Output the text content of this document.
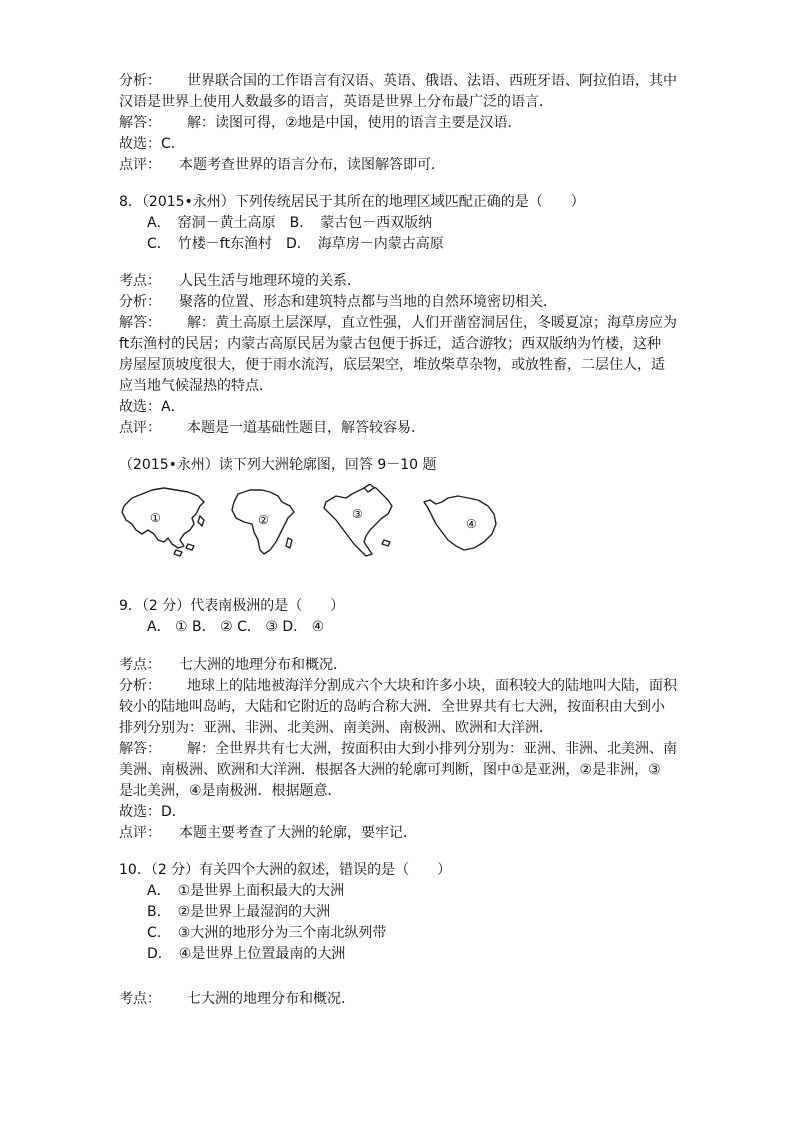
分析： 世界联合国的工作语言有汉语、英语、俄语、法语、西班牙语、阿拉伯语，其中
汉语是世界上使用人数最多的语言，英语是世界上分布最广泛的语言．
解答： 解：读图可得，②地是中国，使用的语言主要是汉语．
故选：C．
点评： 本题考查世界的语言分布，读图解答即可．
8．（2015•永州）下列传统居民于其所在的地理区域匹配正确的是（　　）
A．　窑洞－黄土高原　 B．　蒙古包－西双版纳
C．　竹楼－ft东渔村　 D．　海草房－内蒙古高原
考点： 人民生活与地理环境的关系．
分析： 聚落的位置、形态和建筑特点都与当地的自然环境密切相关．
解答： 解：黄土高原土层深厚，直立性强，人们开凿窑洞居住，冬暖夏凉；海草房应为
ft东渔村的民居；内蒙古高原民居为蒙古包便于拆迁，适合游牧；西双版纳为竹楼，这种
房屋屋顶坡度很大，便于雨水流泻，底层架空，堆放柴草杂物，或放牲畜，二层住人，适
应当地气候湿热的特点．
故选：A．
点评： 本题是一道基础性题目，解答较容易．
（2015•永州）读下列大洲轮廓图，回答 9－10 题
①	②	③
④
9．（2 分）代表南极洲的是（　　）
A． ① B． ② C． ③ D． ④
考点： 七大洲的地理分布和概况．
分析： 地球上的陆地被海洋分割成六个大块和许多小块，面积较大的陆地叫大陆，面积
较小的陆地叫岛屿，大陆和它附近的岛屿合称大洲．全世界共有七大洲，按面积由大到小
排列分别为：亚洲、非洲、北美洲、南美洲、南极洲、欧洲和大洋洲．
解答： 解：全世界共有七大洲，按面积由大到小排列分别为：亚洲、非洲、北美洲、南
美洲、南极洲、欧洲和大洋洲．根据各大洲的轮廓可判断，图中①是亚洲，②是非洲，③
是北美洲，④是南极洲．根据题意．
故选：D．
点评： 本题主要考查了大洲的轮廓，要牢记．
10．（2 分）有关四个大洲的叙述，错误的是（　　）
A．　①是世界上面积最大的大洲
B．　②是世界上最湿润的大洲
C．　③大洲的地形分为三个南北纵列带
D．　④是世界上位置最南的大洲
考点： 七大洲的地理分布和概况．
